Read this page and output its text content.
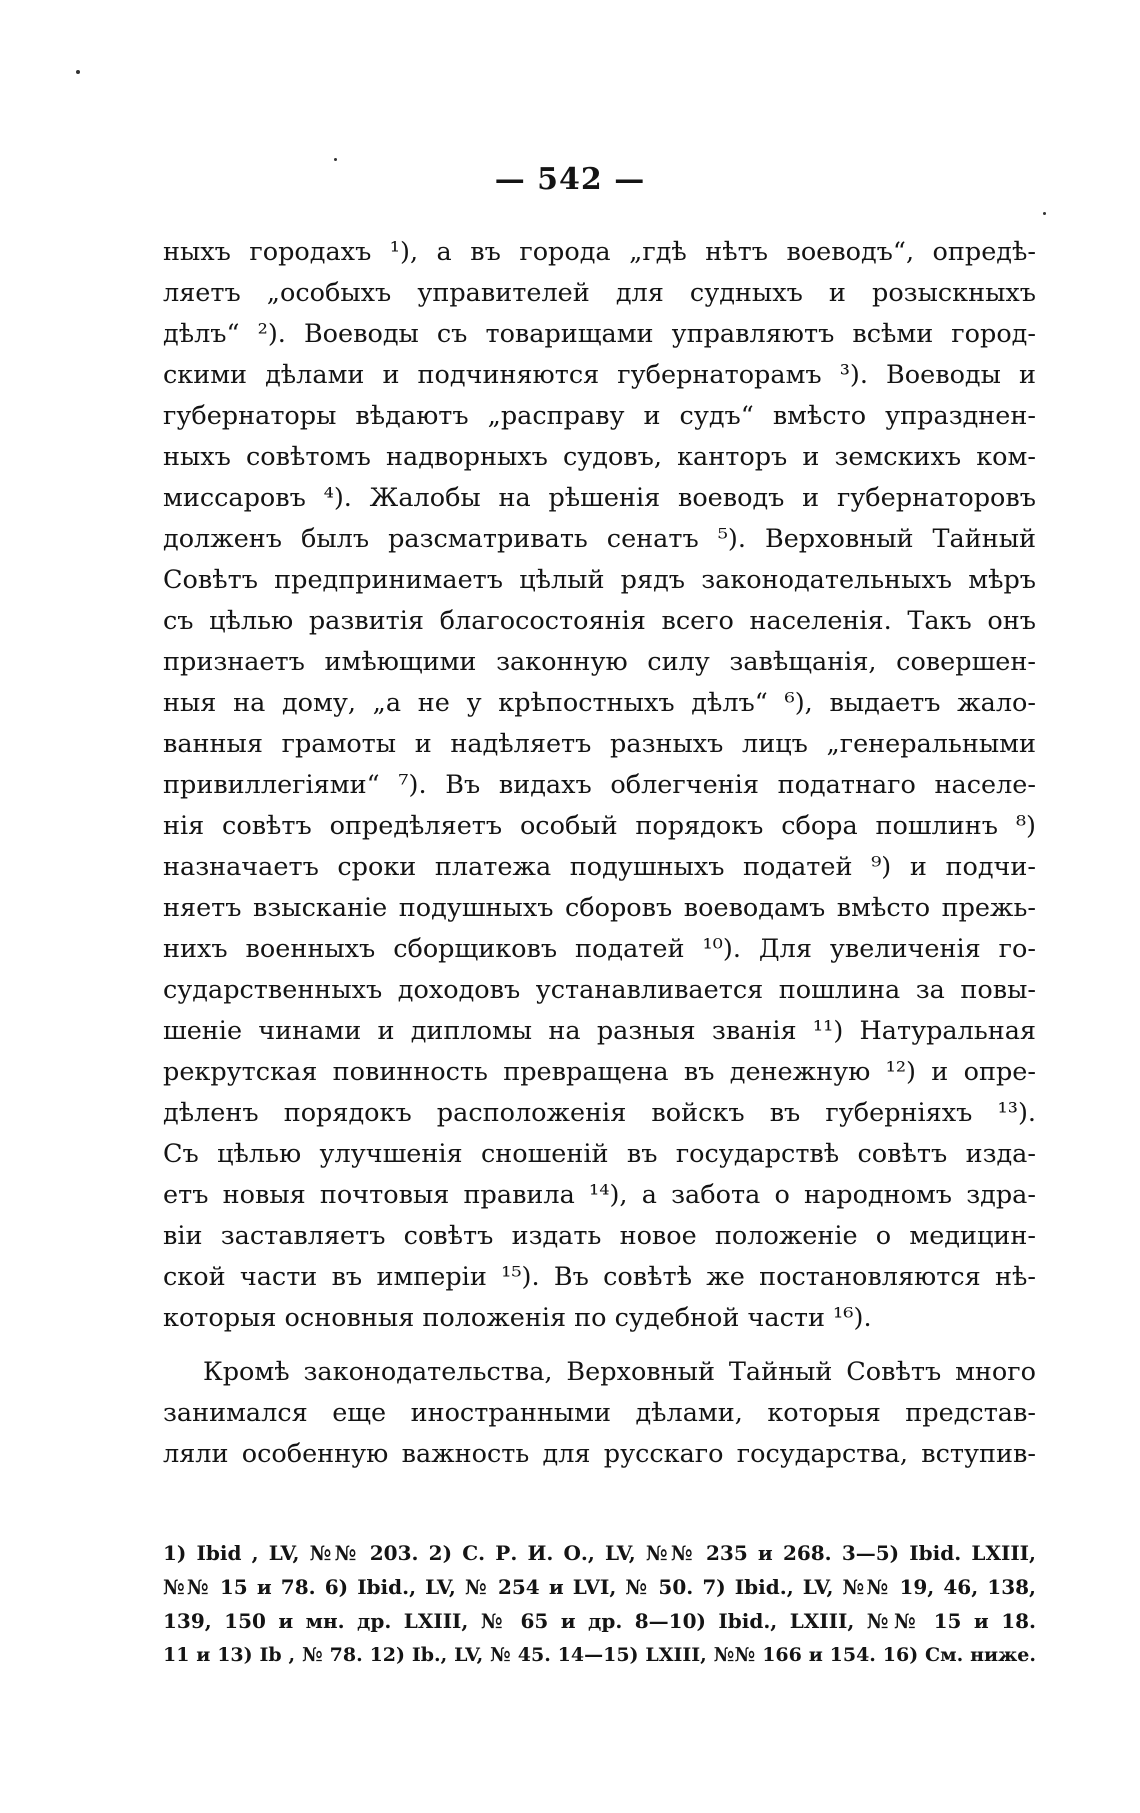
— 542 —
ныхъ городахъ ¹), а въ города „гдѣ нѣтъ воеводъ“, опредѣ-
ляетъ „особыхъ управителей для судныхъ и розыскныхъ
дѣлъ“ ²). Воеводы съ товарищами управляютъ всѣми город-
скими дѣлами и подчиняются губернаторамъ ³). Воеводы и
губернаторы вѣдаютъ „расправу и судъ“ вмѣсто упразднен-
ныхъ совѣтомъ надворныхъ судовъ, канторъ и земскихъ ком-
миссаровъ ⁴). Жалобы на рѣшенія воеводъ и губернаторовъ
долженъ былъ разсматривать сенатъ ⁵). Верховный Тайный
Совѣтъ предпринимаетъ цѣлый рядъ законодательныхъ мѣръ
съ цѣлью развитія благосостоянія всего населенія. Такъ онъ
признаетъ имѣющими законную силу завѣщанія, совершен-
ныя на дому, „а не у крѣпостныхъ дѣлъ“ ⁶), выдаетъ жало-
ванныя грамоты и надѣляетъ разныхъ лицъ „генеральными
привиллегіями“ ⁷). Въ видахъ облегченія податнаго населе-
нія совѣтъ опредѣляетъ особый порядокъ сбора пошлинъ ⁸)
назначаетъ сроки платежа подушныхъ податей ⁹) и подчи-
няетъ взысканіе подушныхъ сборовъ воеводамъ вмѣсто прежь-
нихъ военныхъ сборщиковъ податей ¹⁰). Для увеличенія го-
сударственныхъ доходовъ устанавливается пошлина за повы-
шеніе чинами и дипломы на разныя званія ¹¹) Натуральная
рекрутская повинность превращена въ денежную ¹²) и опре-
дѣленъ порядокъ расположенія войскъ въ губерніяхъ ¹³).
Съ цѣлью улучшенія сношеній въ государствѣ совѣтъ изда-
етъ новыя почтовыя правила ¹⁴), а забота о народномъ здра-
віи заставляетъ совѣтъ издать новое положеніе о медицин-
ской части въ имперіи ¹⁵). Въ совѣтѣ же постановляются нѣ-
которыя основныя положенія по судебной части ¹⁶).
Кромѣ законодательства, Верховный Тайный Совѣтъ много
занимался еще иностранными дѣлами, которыя представ-
ляли особенную важность для русскаго государства, вступив-
1) Ibid , LV, №№ 203. 2) С. Р. И. О., LV, №№ 235 и 268. 3—5) Ibid. LXIII,
№№ 15 и 78. 6) Ibid., LV, № 254 и LVI, № 50. 7) Ibid., LV, №№ 19, 46, 138,
139, 150 и мн. др. LXIII, № 65 и др. 8—10) Ibid., LXIII, №№ 15 и 18.
11 и 13) Ib , № 78. 12) Ib., LV, № 45. 14—15) LXIII, №№ 166 и 154. 16) См. ниже.
